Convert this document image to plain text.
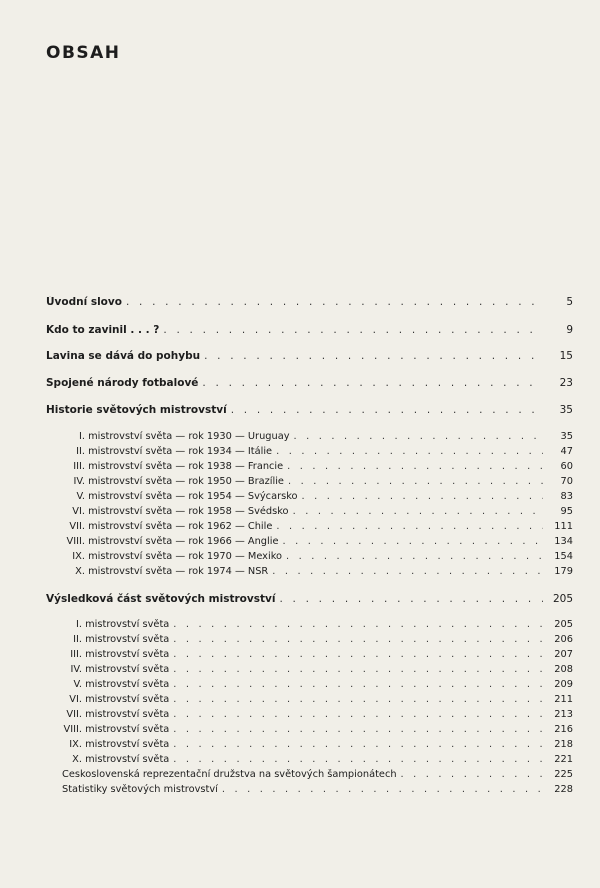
OBSAH
Úvodní slovo . . .	5
Kdo to zavinil . . . ? . . .	9
Lavina se dává do pohybu . . .	15
Spojené národy fotbalové . . .	23
Historie světových mistrovství . . .	35
I. mistrovství světa — rok 1930 — Uruguay . . .	35
II. mistrovství světa — rok 1934 — Itálie . . .	47
III. mistrovství světa — rok 1938 — Francie . . .	60
IV. mistrovství světa — rok 1950 — Brazílie . . .	70
V. mistrovství světa — rok 1954 — Švýcarsko . . .	83
VI. mistrovství světa — rok 1958 — Švédsko . . .	95
VII. mistrovství světa — rok 1962 — Chile . . .	111
VIII. mistrovství světa — rok 1966 — Anglie . . .	134
IX. mistrovství světa — rok 1970 — Mexiko . . .	154
X. mistrovství světa — rok 1974 — NSR . . .	179
Výsledková část světových mistrovství . . .	205
I. mistrovství světa . . .	205
II. mistrovství světa . . .	206
III. mistrovství světa . . .	207
IV. mistrovství světa . . .	208
V. mistrovství světa . . .	209
VI. mistrovství světa . . .	211
VII. mistrovství světa . . .	213
VIII. mistrovství světa . . .	216
IX. mistrovství světa . . .	218
X. mistrovství světa . . .	221
Československá reprezentační družstva na světových šampionátech . . .	225
Statistiky světových mistrovství . . .	228
